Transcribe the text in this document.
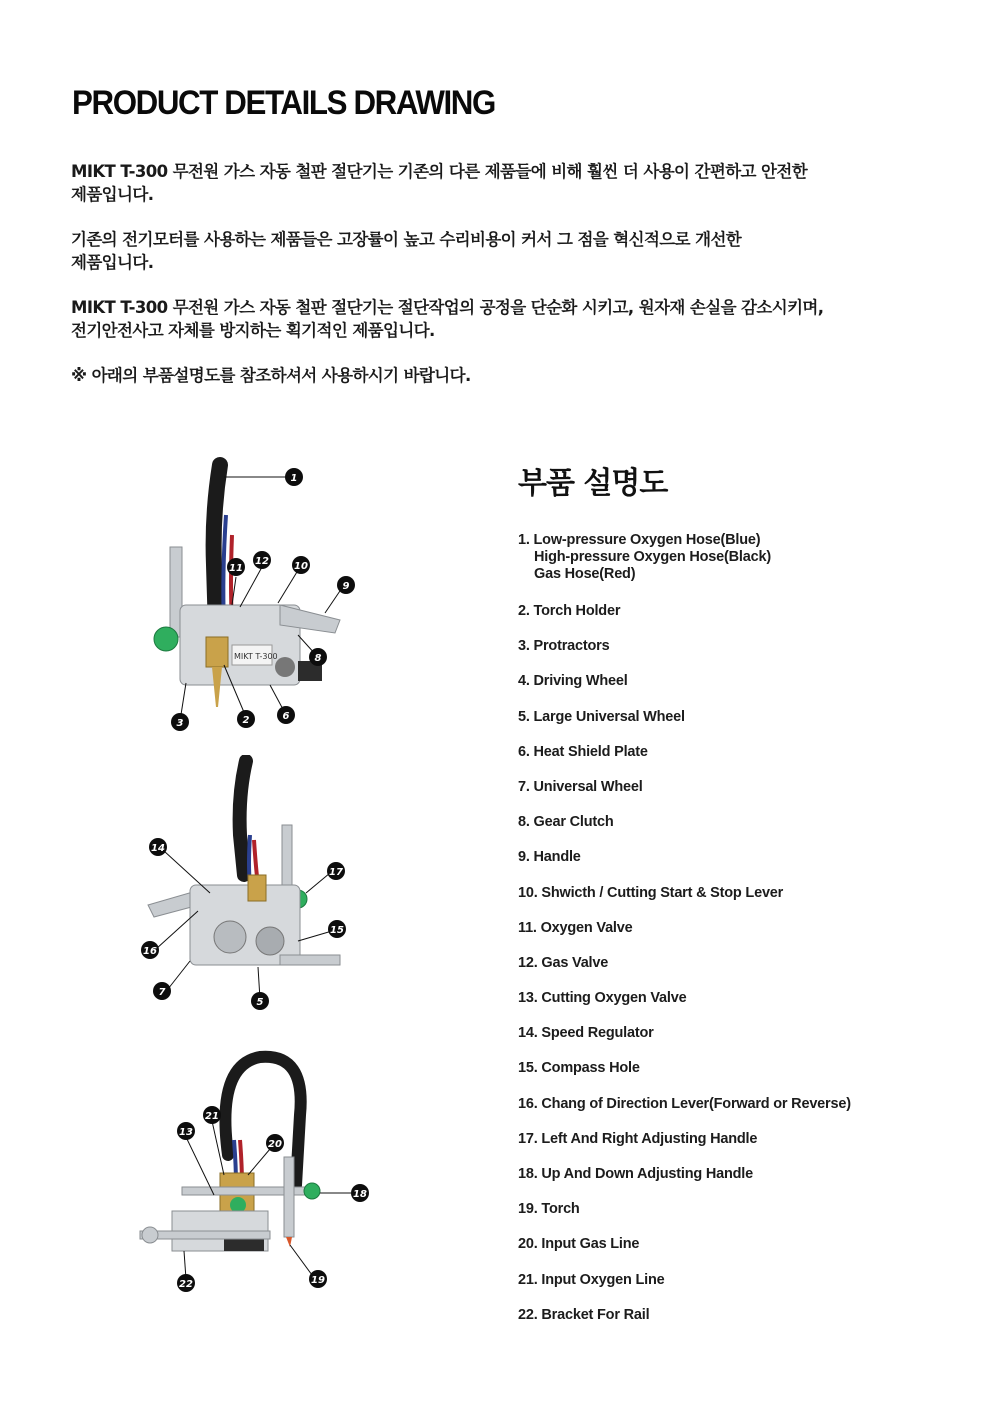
PRODUCT DETAILS DRAWING

MIKT T-300 무전원 가스 자동 철판 절단기는 기존의 다른 제품들에 비해 훨씬 더 사용이 간편하고 안전한
제품입니다.

기존의 전기모터를 사용하는 제품들은 고장률이 높고 수리비용이 커서 그 점을 혁신적으로 개선한
제품입니다.

MIKT T-300 무전원 가스 자동 철판 절단기는 절단작업의 공정을 단순화 시키고, 원자재 손실을 감소시키며,
전기안전사고 자체를 방지하는 획기적인 제품입니다.

※ 아래의 부품설명도를 참조하셔서 사용하시기 바랍니다.

MIKT T-300
1
12
11	10
9
8
6
2
3
14
17
15
16
7
5
21
13
20
18
19
22
부품 설명도
1. Low-pressure Oxygen Hose(Blue)
High-pressure Oxygen Hose(Black)
Gas Hose(Red)
2. Torch Holder
3. Protractors
4. Driving Wheel
5. Large Universal Wheel
6. Heat Shield Plate
7. Universal Wheel
8. Gear Clutch
9. Handle
10. Shwicth / Cutting Start & Stop Lever
11. Oxygen Valve
12. Gas Valve
13. Cutting Oxygen Valve
14. Speed Regulator
15. Compass Hole
16. Chang of Direction Lever(Forward or Reverse)
17. Left And Right Adjusting Handle
18. Up And Down Adjusting Handle
19. Torch
20. Input Gas Line
21. Input Oxygen Line
22. Bracket For Rail
